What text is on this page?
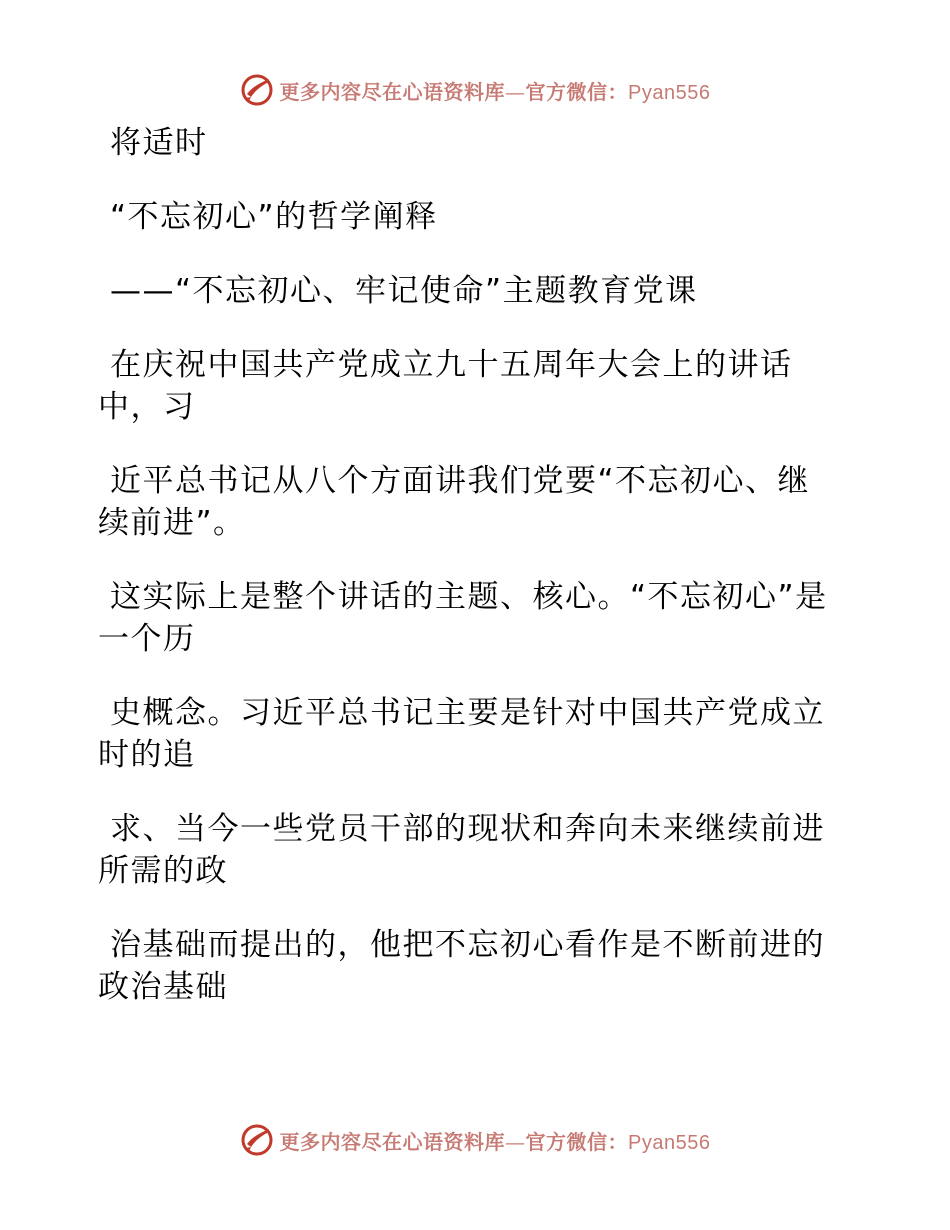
更多内容尽在心语资料库—官方微信：Pyan556

将适时

“不忘初心”的哲学阐释

——“不忘初心、牢记使命”主题教育党课

在庆祝中国共产党成立九十五周年大会上的讲话中，习

近平总书记从八个方面讲我们党要“不忘初心、继续前进”。

这实际上是整个讲话的主题、核心。“不忘初心”是一个历

史概念。习近平总书记主要是针对中国共产党成立时的追

求、当今一些党员干部的现状和奔向未来继续前进所需的政

治基础而提出的，他把不忘初心看作是不断前进的政治基础

更多内容尽在心语资料库—官方微信：Pyan556
